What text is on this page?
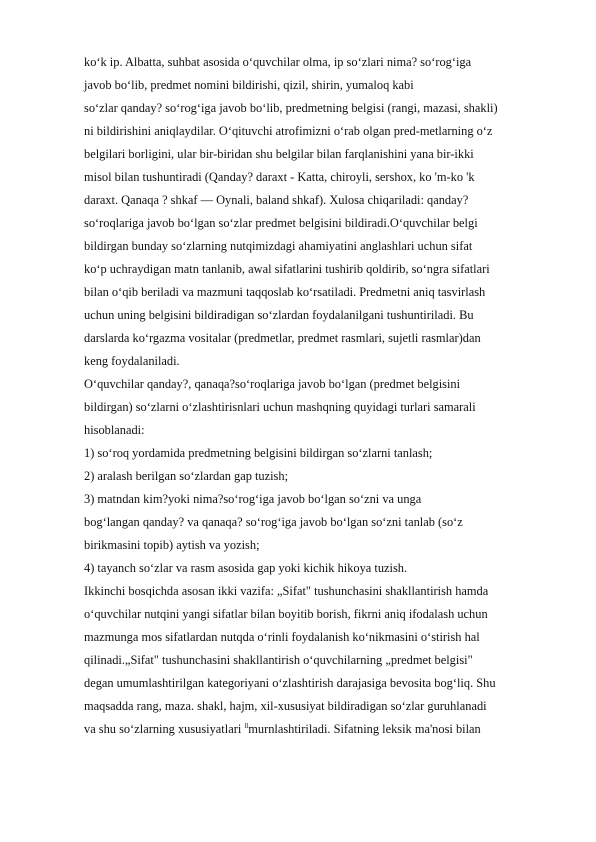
ko‘k ip. Albatta, suhbat asosida o‘quvchilar olma, ip so‘zlari nima? so‘rog‘iga
javob bo‘lib, predmet nomini bildirishi, qizil, shirin, yumaloq kabi
so‘zlar qanday? so‘rog‘iga javob bo‘lib, predmetning belgisi (rangi, mazasi, shakli)
ni bildirishini aniqlaydilar. O‘qituvchi atrofimizni o‘rab olgan pred-metlarning o‘z
belgilari borligini, ular bir-biridan shu belgilar bilan farqlanishini yana bir-ikki
misol bilan tushuntiradi (Qanday? daraxt - Katta, chiroyli, sershox, ko 'm-ko 'k
daraxt. Qanaqa ? shkaf — Oynali, baland shkaf). Xulosa chiqariladi: qanday?
so‘roqlariga javob bo‘lgan so‘zlar predmet belgisini bildiradi.O‘quvchilar belgi
bildirgan bunday so‘zlarning nutqimizdagi ahamiyatini anglashlari uchun sifat
ko‘p uchraydigan matn tanlanib, awal sifatlarini tushirib qoldirib, so‘ngra sifatlari
bilan o‘qib beriladi va mazmuni taqqoslab ko‘rsatiladi. Predmetni aniq tasvirlash
uchun uning belgisini bildiradigan so‘zlardan foydalanilgani tushuntiriladi. Bu
darslarda ko‘rgazma vositalar (predmetlar, predmet rasmlari, sujetli rasmlar)dan
keng foydalaniladi.
O‘quvchilar qanday?, qanaqa?so‘roqlariga javob bo‘lgan (predmet belgisini
bildirgan) so‘zlarni o‘zlashtirisnlari uchun mashqning quyidagi turlari samarali
hisoblanadi:
1) so‘roq yordamida predmetning belgisini bildirgan so‘zlarni tanlash;
2) aralash berilgan so‘zlardan gap tuzish;
3) matndan kim?yoki nima?so‘rog‘iga javob bo‘lgan so‘zni va unga
bog‘langan qanday? va qanaqa? so‘rog‘iga javob bo‘lgan so‘zni tanlab (so‘z
birikmasini topib) aytish va yozish;
4) tayanch so‘zlar va rasm asosida gap yoki kichik hikoya tuzish.
Ikkinchi bosqichda asosan ikki vazifa: „Sifat" tushunchasini shakllantirish hamda
o‘quvchilar nutqini yangi sifatlar bilan boyitib borish, fikrni aniq ifodalash uchun
mazmunga mos sifatlardan nutqda o‘rinli foydalanish ko‘nikmasini o‘stirish hal
qilinadi.„Sifat" tushunchasini shakllantirish o‘quvchilarning „predmet belgisi"
degan umumlashtirilgan kategoriyani o‘zlashtirish darajasiga bevosita bog‘liq. Shu
maqsadda rang, maza. shakl, hajm, xil-xususiyat bildiradigan so‘zlar guruhlanadi
va shu so‘zlarning xususiyatlari $^{ll}$murnlashtiriladi. Sifatning leksik ma'nosi bilan
